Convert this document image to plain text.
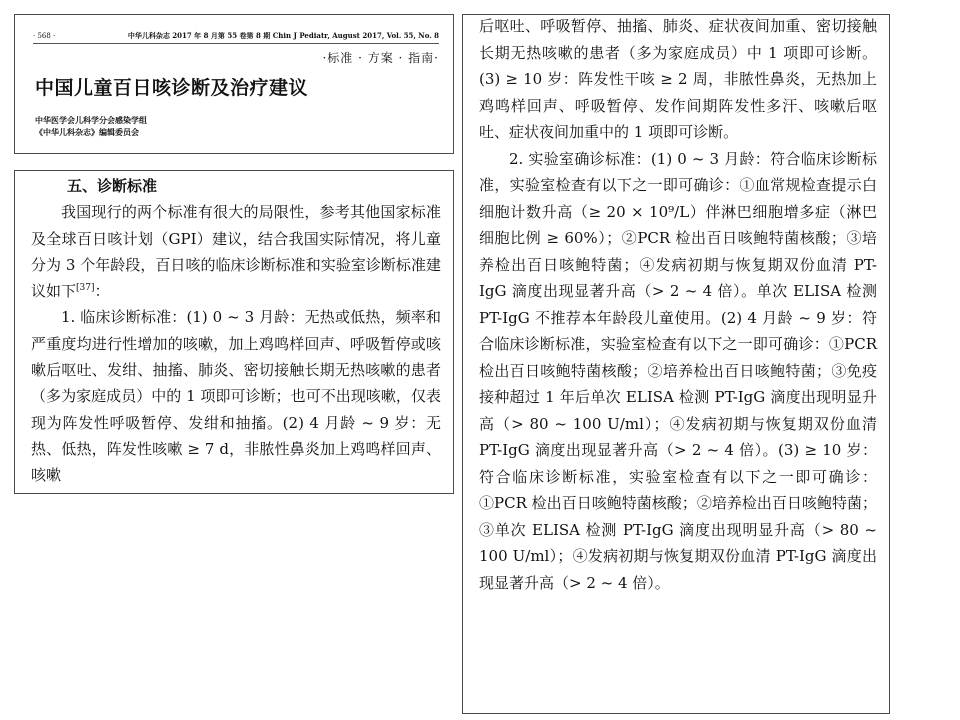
· 568 ·	中华儿科杂志 2017 年 8 月第 55 卷第 8 期 Chin J Pediatr, August 2017, Vol. 55, No. 8
·标准 · 方案 · 指南·
中国儿童百日咳诊断及治疗建议
中华医学会儿科学分会感染学组
《中华儿科杂志》编辑委员会

五、诊断标准

我国现行的两个标准有很大的局限性，参考其他国家标准及全球百日咳计划（GPI）建议，结合我国实际情况，将儿童分为 3 个年龄段，百日咳的临床诊断标准和实验室诊断标准建议如下[37]：

1. 临床诊断标准：(1) 0 ~ 3 月龄：无热或低热，频率和严重度均进行性增加的咳嗽，加上鸡鸣样回声、呼吸暂停或咳嗽后呕吐、发绀、抽搐、肺炎、密切接触长期无热咳嗽的患者（多为家庭成员）中的 1 项即可诊断；也可不出现咳嗽，仅表现为阵发性呼吸暂停、发绀和抽搐。(2) 4 月龄 ~ 9 岁：无热、低热，阵发性咳嗽 ≥ 7 d，非脓性鼻炎加上鸡鸣样回声、咳嗽

后呕吐、呼吸暂停、抽搐、肺炎、症状夜间加重、密切接触长期无热咳嗽的患者（多为家庭成员）中 1 项即可诊断。(3) ≥ 10 岁：阵发性干咳 ≥ 2 周，非脓性鼻炎，无热加上鸡鸣样回声、呼吸暂停、发作间期阵发性多汗、咳嗽后呕吐、症状夜间加重中的 1 项即可诊断。

2. 实验室确诊标准：(1) 0 ~ 3 月龄：符合临床诊断标准，实验室检查有以下之一即可确诊：①血常规检查提示白细胞计数升高（≥ 20 × 10⁹/L）伴淋巴细胞增多症（淋巴细胞比例 ≥ 60%）；②PCR 检出百日咳鲍特菌核酸；③培养检出百日咳鲍特菌；④发病初期与恢复期双份血清 PT-IgG 滴度出现显著升高（> 2 ~ 4 倍）。单次 ELISA 检测 PT-IgG 不推荐本年龄段儿童使用。(2) 4 月龄 ~ 9 岁：符合临床诊断标准，实验室检查有以下之一即可确诊：①PCR 检出百日咳鲍特菌核酸；②培养检出百日咳鲍特菌；③免疫接种超过 1 年后单次 ELISA 检测 PT-IgG 滴度出现明显升高（> 80 ~ 100 U/ml）；④发病初期与恢复期双份血清 PT-IgG 滴度出现显著升高（> 2 ~ 4 倍）。(3) ≥ 10 岁：符合临床诊断标准，实验室检查有以下之一即可确诊：①PCR 检出百日咳鲍特菌核酸；②培养检出百日咳鲍特菌；③单次 ELISA 检测 PT-IgG 滴度出现明显升高（> 80 ~ 100 U/ml）；④发病初期与恢复期双份血清 PT-IgG 滴度出现显著升高（> 2 ~ 4 倍）。
